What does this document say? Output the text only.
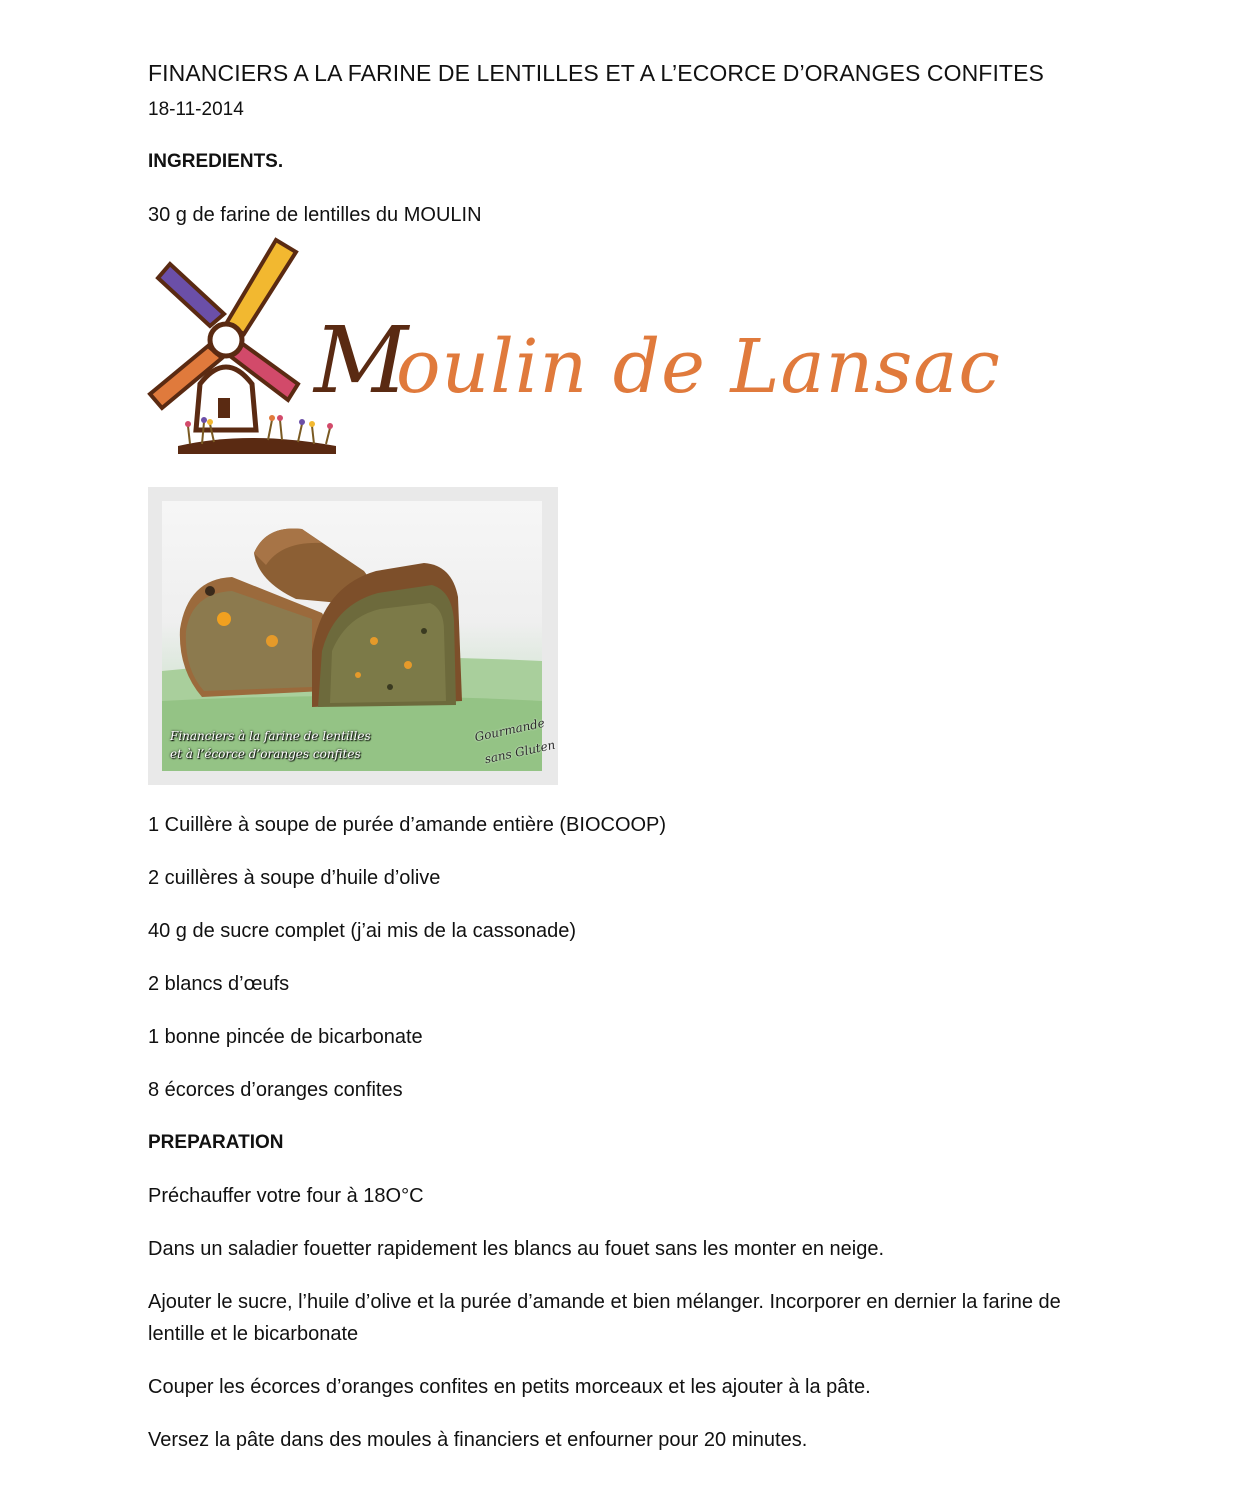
FINANCIERS A LA FARINE DE LENTILLES ET A L’ECORCE D’ORANGES CONFITES
18-11-2014
INGREDIENTS.
30 g de farine de lentilles du MOULIN
M
oulin de Lansac
Financiers à la farine de lentilles
et à l’écorce d’oranges confites
Gourmande
sans Gluten
1 Cuillère à soupe de purée d’amande entière (BIOCOOP)
2 cuillères à soupe d’huile d’olive
40 g de sucre complet (j’ai mis de la cassonade)
2 blancs d’œufs
1 bonne pincée de bicarbonate
8 écorces d’oranges confites
PREPARATION
Préchauffer votre four à 18O°C
Dans un saladier fouetter rapidement les blancs au fouet sans les monter en neige.
Ajouter le sucre, l’huile d’olive et la purée d’amande et bien mélanger. Incorporer en dernier la farine de lentille et le bicarbonate
Couper les écorces d’oranges confites en petits morceaux et les ajouter à la pâte.
Versez la pâte dans des moules à financiers et enfourner pour 20 minutes.
